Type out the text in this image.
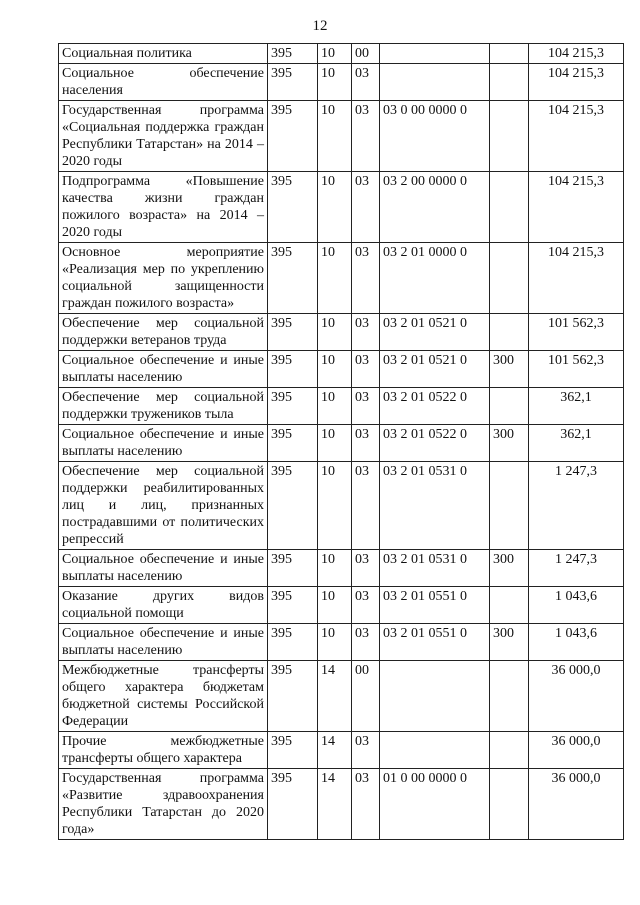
12
Социальная политика	395	10	00			104 215,3
Социальное обеспечение населения	395	10	03			104 215,3
Государственная программа «Социальная поддержка граждан Республики Татарстан» на 2014 – 2020 годы	395	10	03	03 0 00 0000 0		104 215,3
Подпрограмма «Повышение качества жизни граждан пожилого возраста» на 2014 – 2020 годы	395	10	03	03 2 00 0000 0		104 215,3
Основное мероприятие «Реализация мер по укреплению социальной защищенности граждан пожилого возраста»	395	10	03	03 2 01 0000 0		104 215,3
Обеспечение мер социальной поддержки ветеранов труда	395	10	03	03 2 01 0521 0		101 562,3
Социальное обеспечение и иные выплаты населению	395	10	03	03 2 01 0521 0	300	101 562,3
Обеспечение мер социальной поддержки тружеников тыла	395	10	03	03 2 01 0522 0		362,1
Социальное обеспечение и иные выплаты населению	395	10	03	03 2 01 0522 0	300	362,1
Обеспечение мер социальной поддержки реабилитированных лиц и лиц, признанных пострадавшими от политических репрессий	395	10	03	03 2 01 0531 0		1 247,3
Социальное обеспечение и иные выплаты населению	395	10	03	03 2 01 0531 0	300	1 247,3
Оказание других видов социальной помощи	395	10	03	03 2 01 0551 0		1 043,6
Социальное обеспечение и иные выплаты населению	395	10	03	03 2 01 0551 0	300	1 043,6
Межбюджетные трансферты общего характера бюджетам бюджетной системы Российской Федерации	395	14	00			36 000,0
Прочие межбюджетные трансферты общего характера	395	14	03			36 000,0
Государственная программа «Развитие здравоохранения Республики Татарстан до 2020 года»	395	14	03	01 0 00 0000 0		36 000,0
